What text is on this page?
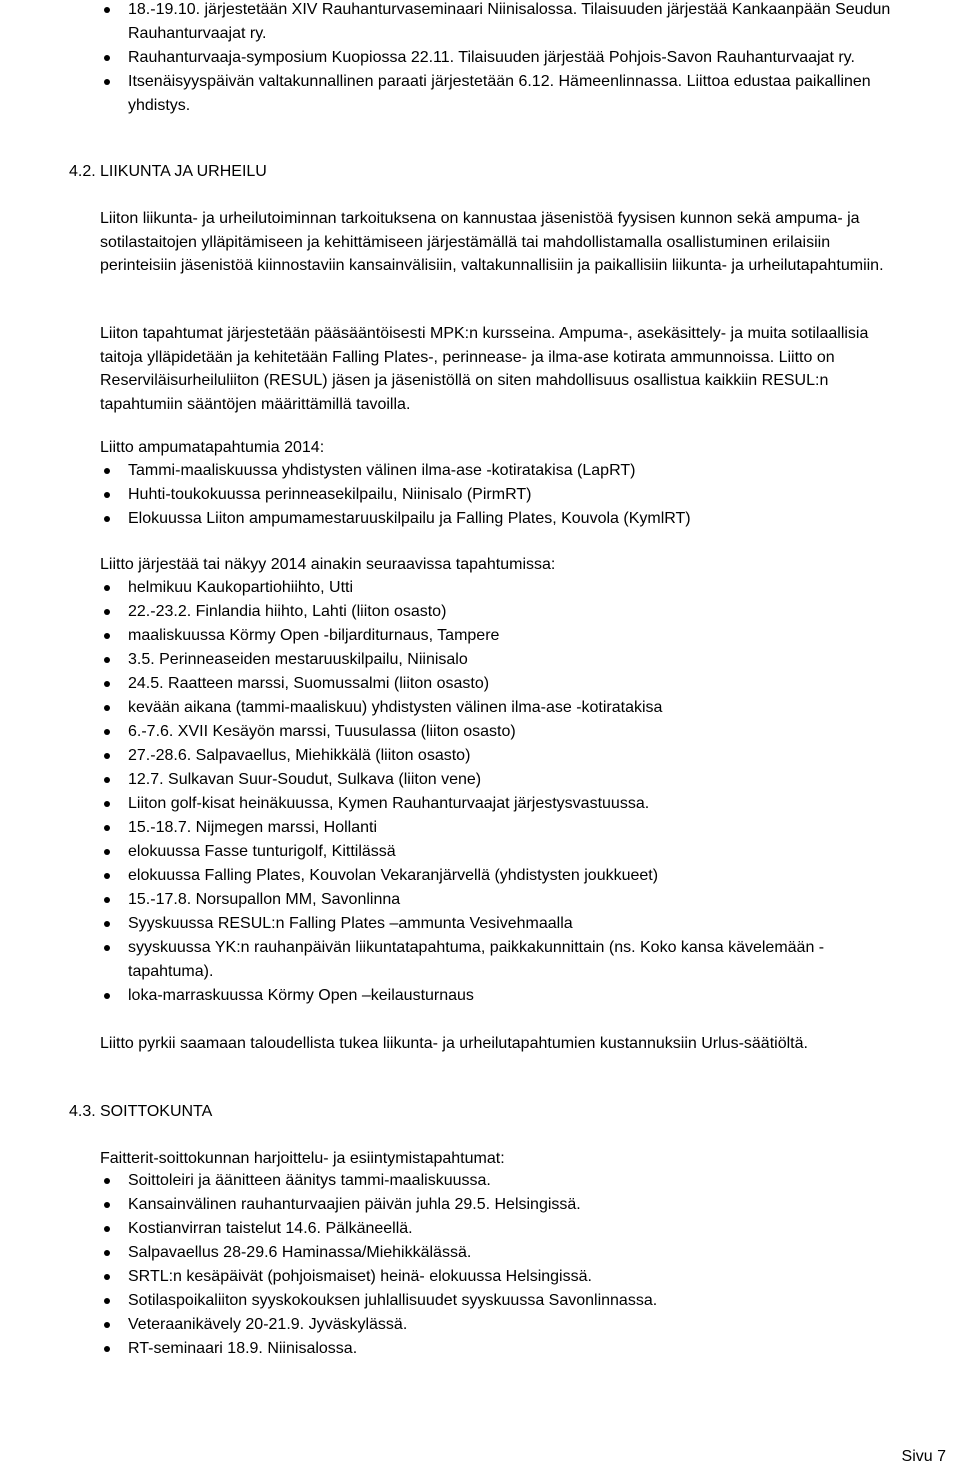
18.-19.10. järjestetään XIV Rauhanturvaseminaari Niinisalossa. Tilaisuuden järjestää Kankaanpään Seudun Rauhanturvaajat ry.
Rauhanturvaaja-symposium Kuopiossa 22.11. Tilaisuuden järjestää Pohjois-Savon Rauhanturvaajat ry.
Itsenäisyyspäivän valtakunnallinen paraati järjestetään 6.12. Hämeenlinnassa. Liittoa edustaa paikallinen yhdistys.
4.2. LIIKUNTA JA URHEILU

Liiton liikunta- ja urheilutoiminnan tarkoituksena on kannustaa jäsenistöä fyysisen kunnon sekä ampuma- ja sotilastaitojen ylläpitämiseen ja kehittämiseen järjestämällä tai mahdollistamalla osallistuminen erilaisiin perinteisiin jäsenistöä kiinnostaviin kansainvälisiin, valtakunnallisiin ja paikallisiin liikunta- ja urheilutapahtumiin.

Liiton tapahtumat järjestetään pääsääntöisesti MPK:n kursseina. Ampuma-, asekäsittely- ja muita sotilaallisia taitoja ylläpidetään ja kehitetään Falling Plates-, perinnease- ja ilma-ase kotirata ammunnoissa. Liitto on Reserviläisurheiluliiton (RESUL) jäsen ja jäsenistöllä on siten mahdollisuus osallistua kaikkiin RESUL:n tapahtumiin sääntöjen määrittämillä tavoilla.

Liitto ampumatapahtumia 2014:

Tammi-maaliskuussa yhdistysten välinen ilma-ase -kotiratakisa (LapRT)
Huhti-toukokuussa perinneasekilpailu, Niinisalo (PirmRT)
Elokuussa Liiton ampumamestaruuskilpailu ja Falling Plates, Kouvola (KymlRT)

Liitto järjestää tai näkyy 2014 ainakin seuraavissa tapahtumissa:

helmikuu Kaukopartiohiihto, Utti
22.-23.2. Finlandia hiihto, Lahti (liiton osasto)
maaliskuussa Körmy Open -biljarditurnaus, Tampere
3.5. Perinneaseiden mestaruuskilpailu, Niinisalo
24.5. Raatteen marssi, Suomussalmi (liiton osasto)
kevään aikana (tammi-maaliskuu) yhdistysten välinen ilma-ase -kotiratakisa
6.-7.6. XVII Kesäyön marssi, Tuusulassa (liiton osasto)
27.-28.6. Salpavaellus, Miehikkälä (liiton osasto)
12.7. Sulkavan Suur-Soudut, Sulkava (liiton vene)
Liiton golf-kisat heinäkuussa, Kymen Rauhanturvaajat järjestysvastuussa.
15.-18.7. Nijmegen marssi, Hollanti
elokuussa Fasse tunturigolf, Kittilässä
elokuussa Falling Plates, Kouvolan Vekaranjärvellä (yhdistysten joukkueet)
15.-17.8. Norsupallon MM, Savonlinna
Syyskuussa RESUL:n Falling Plates –ammunta Vesivehmaalla
syyskuussa YK:n rauhanpäivän liikuntatapahtuma, paikkakunnittain (ns. Koko kansa kävelemään -tapahtuma).
loka-marraskuussa Körmy Open –keilausturnaus

Liitto pyrkii saamaan taloudellista tukea liikunta- ja urheilutapahtumien kustannuksiin Urlus-säätiöltä.

4.3. SOITTOKUNTA

Faitterit-soittokunnan harjoittelu- ja esiintymistapahtumat:

Soittoleiri ja äänitteen äänitys tammi-maaliskuussa.
Kansainvälinen rauhanturvaajien päivän juhla 29.5. Helsingissä.
Kostianvirran taistelut 14.6. Pälkäneellä.
Salpavaellus 28-29.6 Haminassa/Miehikkälässä.
SRTL:n kesäpäivät (pohjoismaiset) heinä- elokuussa Helsingissä.
Sotilaspoikaliiton syyskokouksen juhlallisuudet syyskuussa Savonlinnassa.
Veteraanikävely 20-21.9. Jyväskylässä.
RT-seminaari 18.9. Niinisalossa.
Sivu 7
